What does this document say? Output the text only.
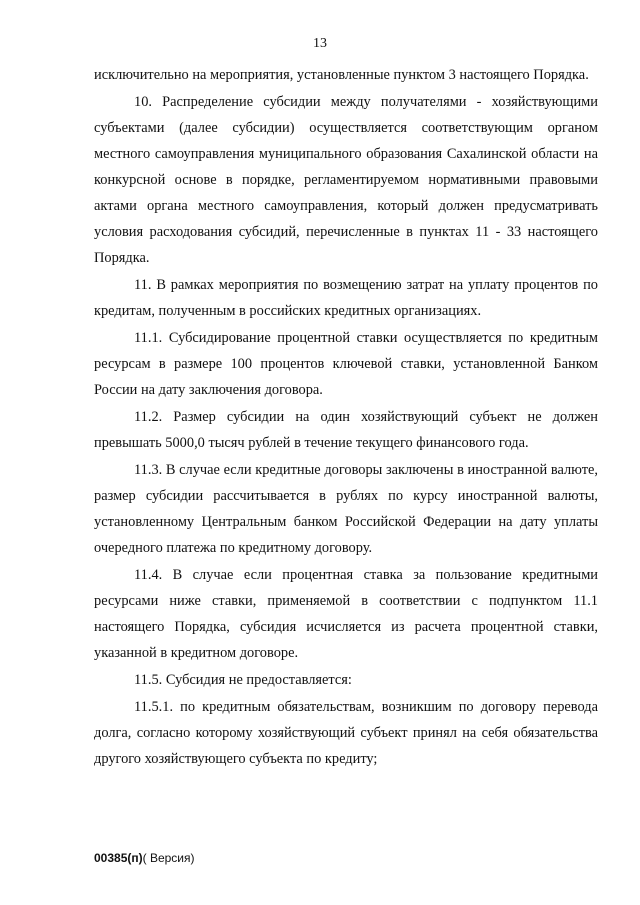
13

исключительно на мероприятия, установленные пунктом 3 настоящего Порядка.

10. Распределение субсидии между получателями - хозяйствующими субъектами (далее субсидии) осуществляется соответствующим органом местного самоуправления муниципального образования Сахалинской области на конкурсной основе в порядке, регламентируемом нормативными правовыми актами органа местного самоуправления, который должен предусматривать условия расходования субсидий, перечисленные в пунктах 11 - 33 настоящего Порядка.

11. В рамках мероприятия по возмещению затрат на уплату процентов по кредитам, полученным в российских кредитных организациях.

11.1. Субсидирование процентной ставки осуществляется по кредитным ресурсам в размере 100 процентов ключевой ставки, установленной Банком России на дату заключения договора.

11.2. Размер субсидии на один хозяйствующий субъект не должен превышать 5000,0 тысяч рублей в течение текущего финансового года.

11.3. В случае если кредитные договоры заключены в иностранной валюте, размер субсидии рассчитывается в рублях по курсу иностранной валюты, установленному Центральным банком Российской Федерации на дату уплаты очередного платежа по кредитному договору.

11.4. В случае если процентная ставка за пользование кредитными ресурсами ниже ставки, применяемой в соответствии с подпунктом 11.1 настоящего Порядка, субсидия исчисляется из расчета процентной ставки, указанной в кредитном договоре.

11.5. Субсидия не предоставляется:

11.5.1. по кредитным обязательствам, возникшим по договору перевода долга, согласно которому хозяйствующий субъект принял на себя обязательства другого хозяйствующего субъекта по кредиту;

00385(п)( Версия)
